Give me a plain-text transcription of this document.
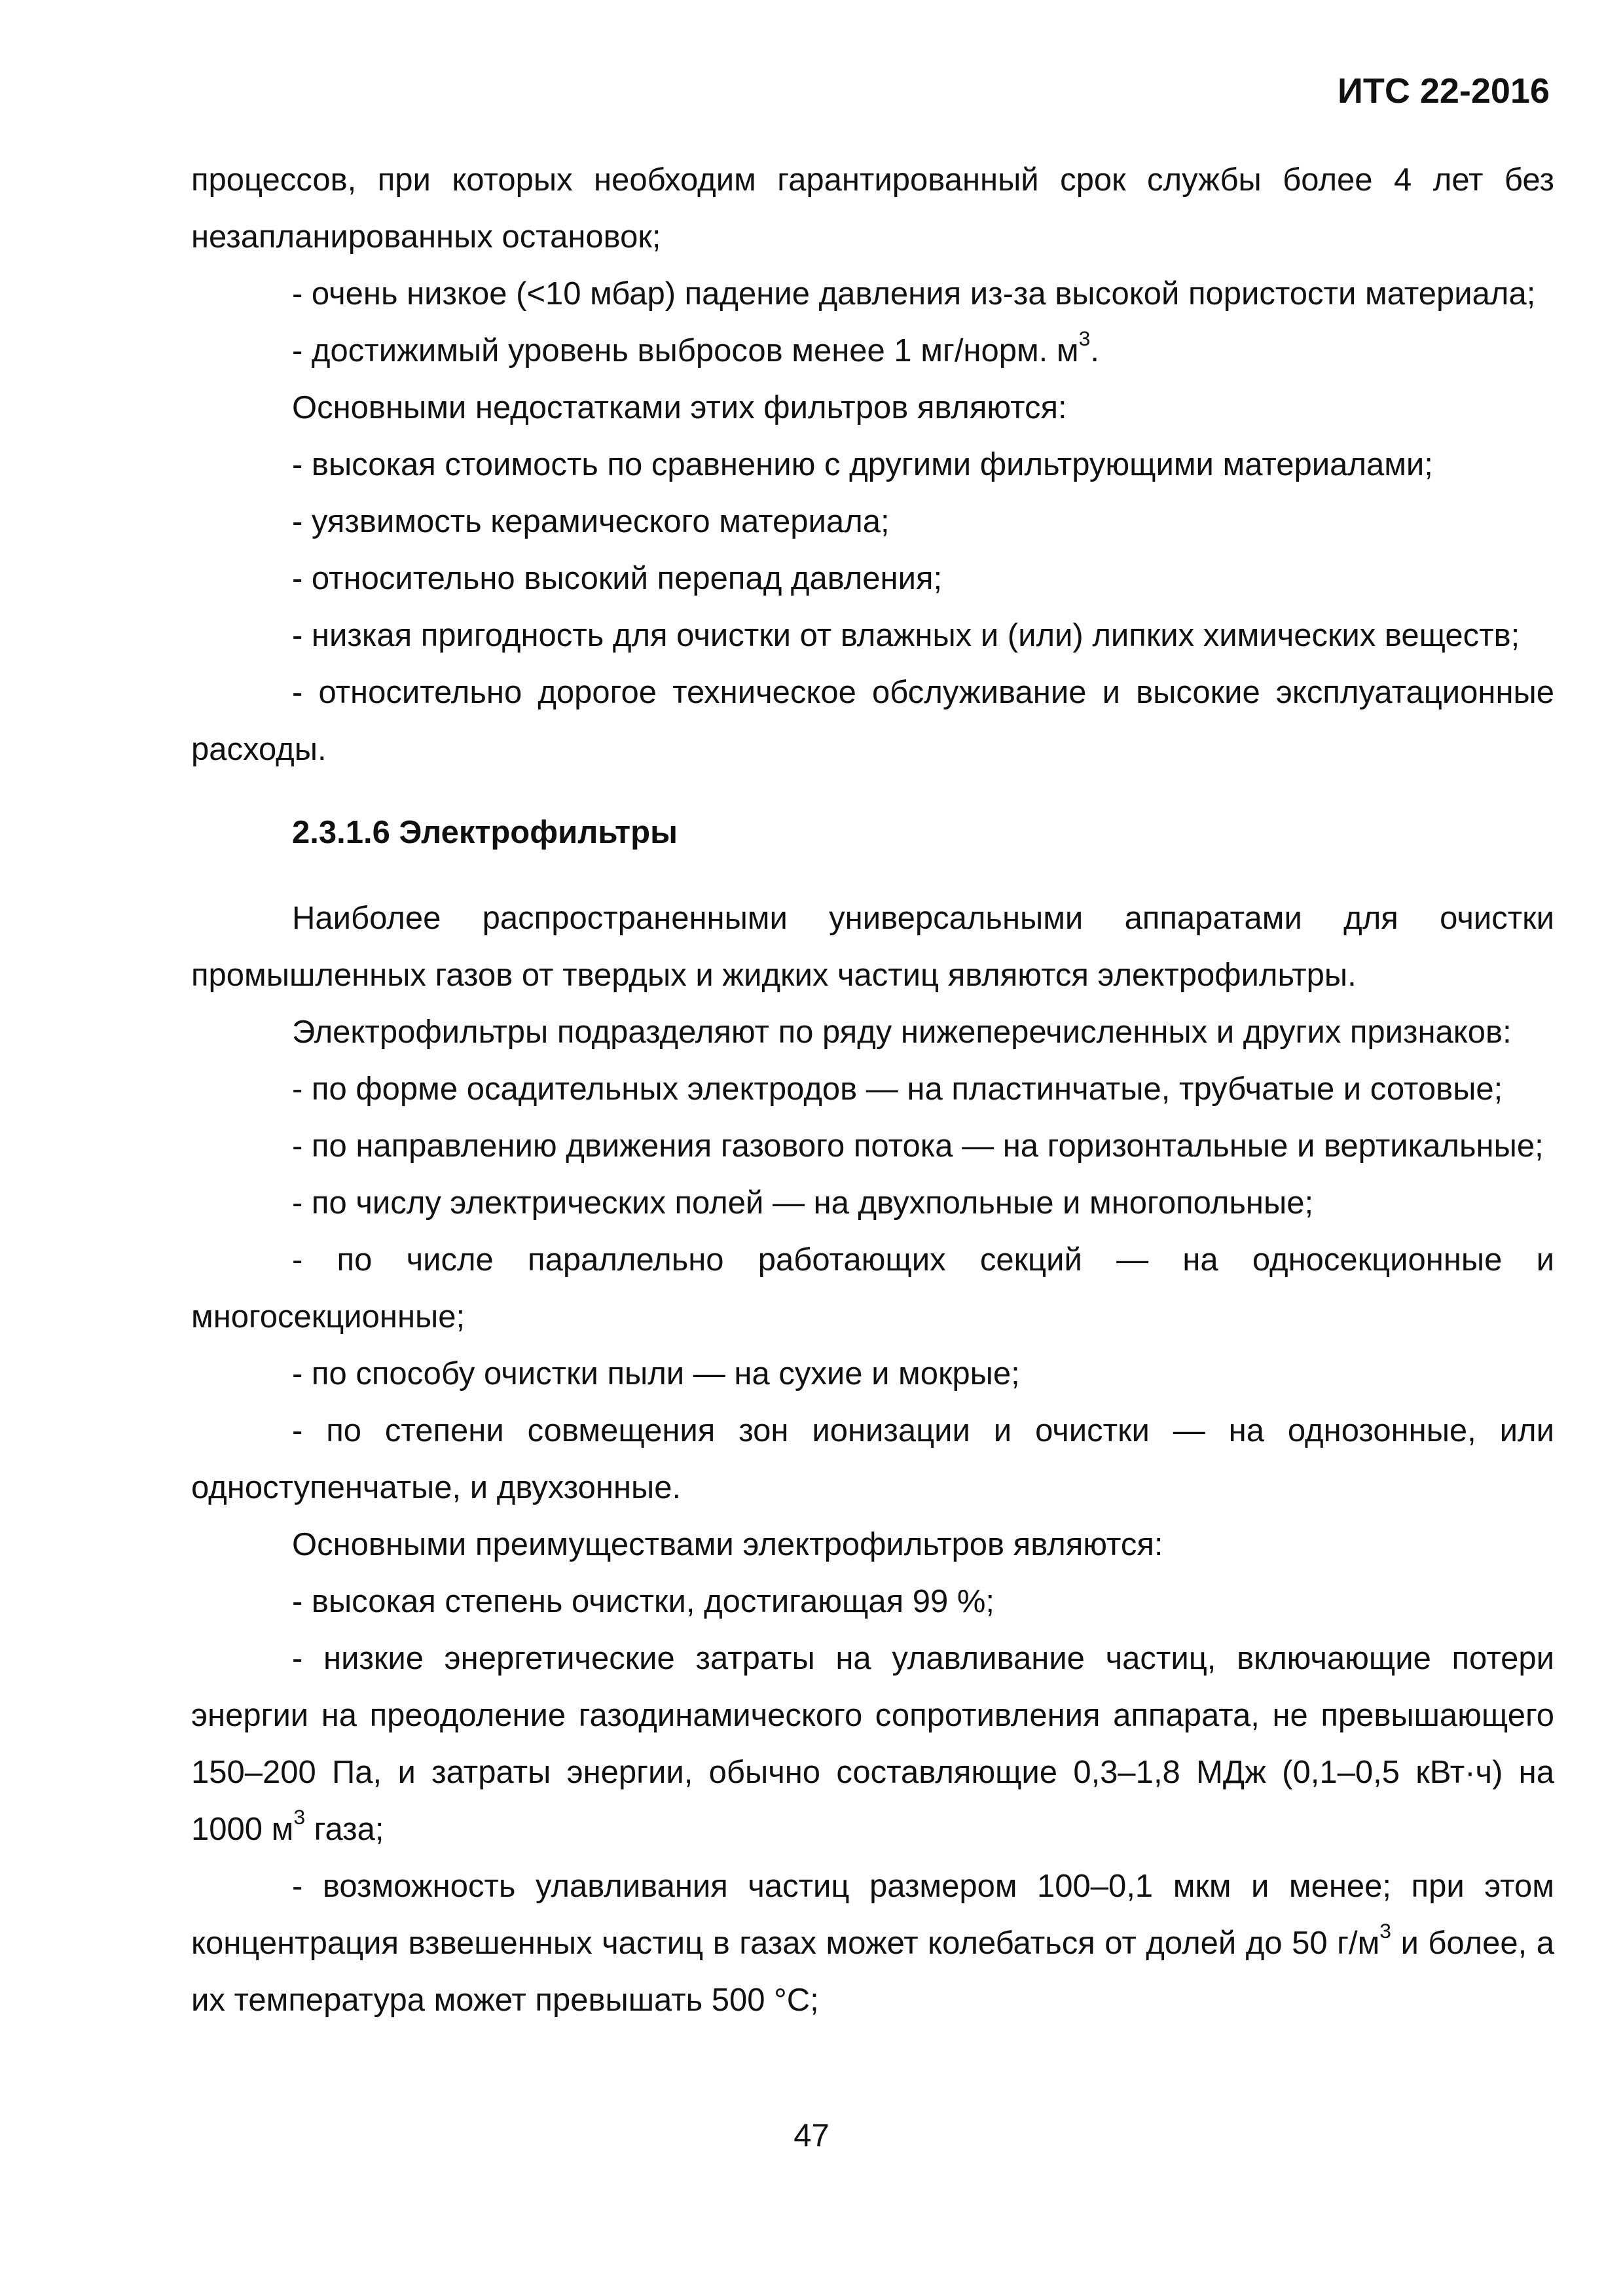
ИТС 22-2016

процессов, при которых необходим гарантированный срок службы более 4 лет без незапланированных остановок;

- очень низкое (<10 мбар) падение давления из-за высокой пористости материала;

- достижимый уровень выбросов менее 1 мг/норм. $м^3$.

Основными недостатками этих фильтров являются:

- высокая стоимость по сравнению с другими фильтрующими материалами;

- уязвимость керамического материала;

- относительно высокий перепад давления;

- низкая пригодность для очистки от влажных и (или) липких химических веществ;

- относительно дорогое техническое обслуживание и высокие эксплуатационные расходы.

2.3.1.6 Электрофильтры

Наиболее распространенными универсальными аппаратами для очистки промышленных газов от твердых и жидких частиц являются электрофильтры.

Электрофильтры подразделяют по ряду нижеперечисленных и других признаков:

- по форме осадительных электродов — на пластинчатые, трубчатые и сотовые;

- по направлению движения газового потока — на горизонтальные и вертикальные;

- по числу электрических полей — на двухпольные и многопольные;

- по числе параллельно работающих секций — на односекционные и многосекционные;

- по способу очистки пыли — на сухие и мокрые;

- по степени совмещения зон ионизации и очистки — на однозонные, или одноступенчатые, и двухзонные.

Основными преимуществами электрофильтров являются:

- высокая степень очистки, достигающая 99 %;

- низкие энергетические затраты на улавливание частиц, включающие потери энергии на преодоление газодинамического сопротивления аппарата, не превышающего 150–200 Па, и затраты энергии, обычно составляющие 0,3–1,8 МДж (0,1–0,5 кВт·ч) на 1000 $м^3$ газа;

- возможность улавливания частиц размером 100–0,1 мкм и менее; при этом концентрация взвешенных частиц в газах может колебаться от долей до 50 $г/м^3$ и более, а их температура может превышать 500 °С;

47
